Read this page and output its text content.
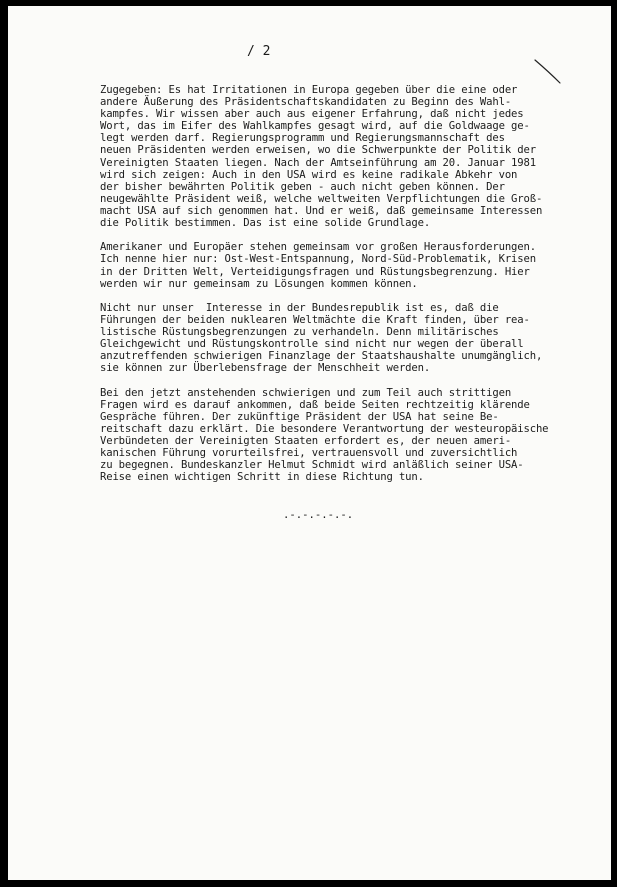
/ 2
Zugegeben: Es hat Irritationen in Europa gegeben über die eine oder
andere Äußerung des Präsidentschaftskandidaten zu Beginn des Wahl-
kampfes. Wir wissen aber auch aus eigener Erfahrung, daß nicht jedes
Wort, das im Eifer des Wahlkampfes gesagt wird, auf die Goldwaage ge-
legt werden darf. Regierungsprogramm und Regierungsmannschaft des
neuen Präsidenten werden erweisen, wo die Schwerpunkte der Politik der
Vereinigten Staaten liegen. Nach der Amtseinführung am 20. Januar 1981
wird sich zeigen: Auch in den USA wird es keine radikale Abkehr von
der bisher bewährten Politik geben - auch nicht geben können. Der
neugewählte Präsident weiß, welche weltweiten Verpflichtungen die Groß-
macht USA auf sich genommen hat. Und er weiß, daß gemeinsame Interessen
die Politik bestimmen. Das ist eine solide Grundlage.
Amerikaner und Europäer stehen gemeinsam vor großen Herausforderungen.
Ich nenne hier nur: Ost-West-Entspannung, Nord-Süd-Problematik, Krisen
in der Dritten Welt, Verteidigungsfragen und Rüstungsbegrenzung. Hier
werden wir nur gemeinsam zu Lösungen kommen können.
Nicht nur unser  Interesse in der Bundesrepublik ist es, daß die
Führungen der beiden nuklearen Weltmächte die Kraft finden, über rea-
listische Rüstungsbegrenzungen zu verhandeln. Denn militärisches
Gleichgewicht und Rüstungskontrolle sind nicht nur wegen der überall
anzutreffenden schwierigen Finanzlage der Staatshaushalte unumgänglich,
sie können zur Überlebensfrage der Menschheit werden.
Bei den jetzt anstehenden schwierigen und zum Teil auch strittigen
Fragen wird es darauf ankommen, daß beide Seiten rechtzeitig klärende
Gespräche führen. Der zukünftige Präsident der USA hat seine Be-
reitschaft dazu erklärt. Die besondere Verantwortung der westeuropäische
Verbündeten der Vereinigten Staaten erfordert es, der neuen ameri-
kanischen Führung vorurteilsfrei, vertrauensvoll und zuversichtlich
zu begegnen. Bundeskanzler Helmut Schmidt wird anläßlich seiner USA-
Reise einen wichtigen Schritt in diese Richtung tun.
.-.-.-.-.-.
